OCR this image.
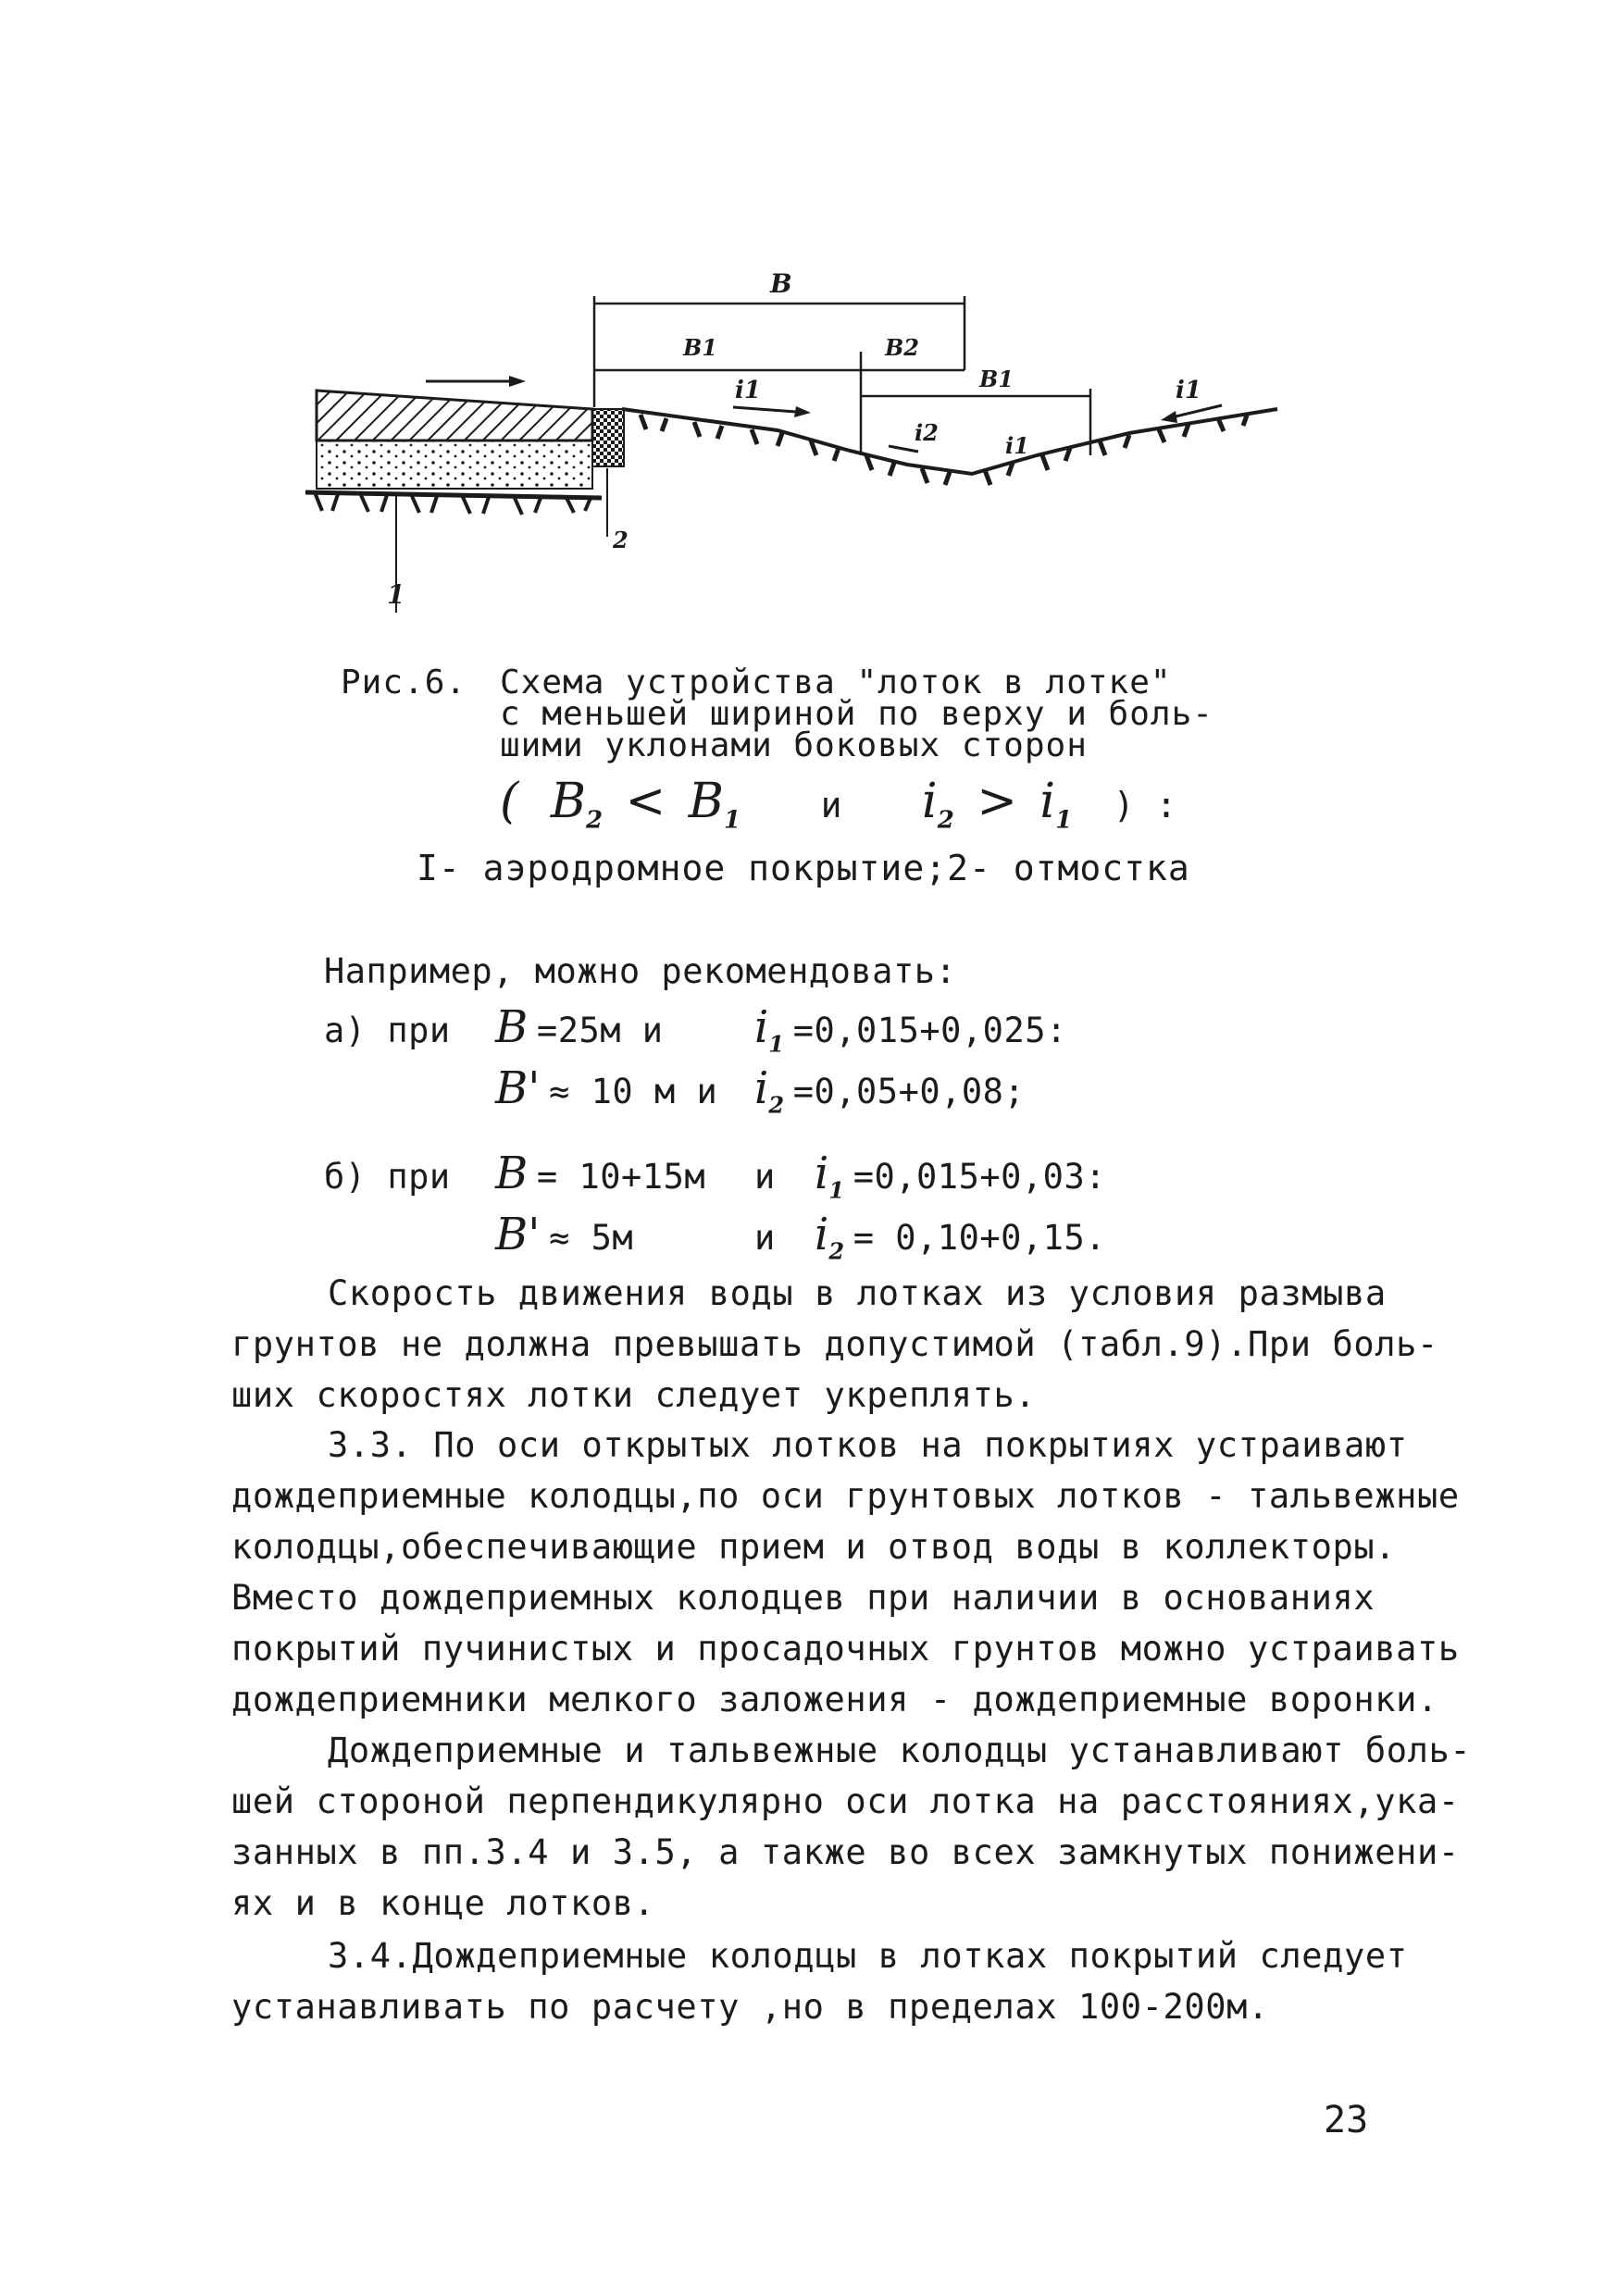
B
B1	B2
B1
i1
i2	i1
i1
1
2
Рис.6. Схема устройства "лоток в лотке"
с меньшей шириной по верху и боль-
шими уклонами боковых сторон
( $B_2 < B_1$ и $i_2 > i_1$ ) :
I- аэродромное покрытие;2- отмостка
Например, можно рекомендовать:
а) при B =25м и $i_1 =0,015+0,025$:
B' ≈ 10 м и $i_2 =0,05+0,08$;
б) при B = 10+15м и $i_1 =0,015+0,03$:
B' ≈ 5м	и $i_2 = 0,10+0,15$.
Скорость движения воды в лотках из условия размыва
грунтов не должна превышать допустимой (табл.9).При боль-
ших скоростях лотки следует укреплять.
3.3. По оси открытых лотков на покрытиях устраивают
дождеприемные колодцы,по оси грунтовых лотков - тальвежные
колодцы,обеспечивающие прием и отвод воды в коллекторы.
Вместо дождеприемных колодцев при наличии в основаниях
покрытий пучинистых и просадочных грунтов можно устраивать
дождеприемники мелкого заложения - дождеприемные воронки.
Дождеприемные и тальвежные колодцы устанавливают боль-
шей стороной перпендикулярно оси лотка на расстояниях,ука-
занных в пп.3.4 и 3.5, а также во всех замкнутых понижени-
ях и в конце лотков.
3.4.Дождеприемные колодцы в лотках покрытий следует
устанавливать по расчету ,но в пределах 100-200м.
23
